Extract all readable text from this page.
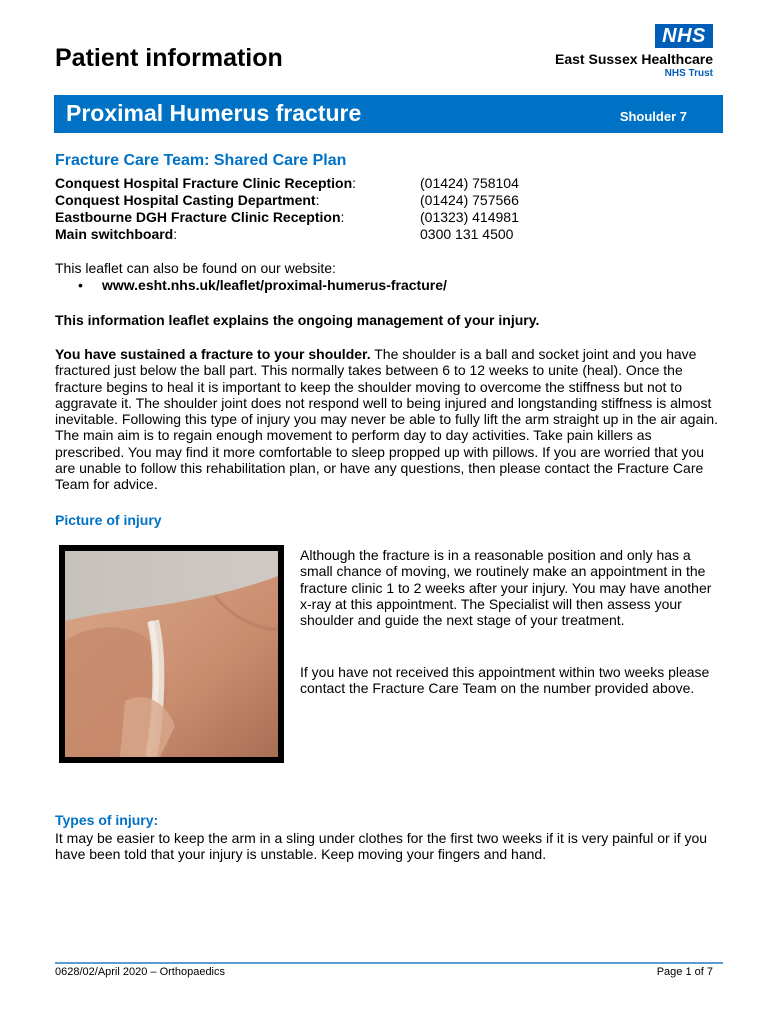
Patient information
NHS
East Sussex Healthcare
NHS Trust
Proximal Humerus fracture	Shoulder 7
Fracture Care Team: Shared Care Plan
Conquest Hospital Fracture Clinic Reception:	(01424) 758104
Conquest Hospital Casting Department:	(01424) 757566
Eastbourne DGH Fracture Clinic Reception:	(01323) 414981
Main switchboard:	0300 131 4500
This leaflet can also be found on our website:
• www.esht.nhs.uk/leaflet/proximal-humerus-fracture/
This information leaflet explains the ongoing management of your injury.
You have sustained a fracture to your shoulder. The shoulder is a ball and socket joint and you have fractured just below the ball part. This normally takes between 6 to 12 weeks to unite (heal). Once the fracture begins to heal it is important to keep the shoulder moving to overcome the stiffness but not to aggravate it. The shoulder joint does not respond well to being injured and longstanding stiffness is almost inevitable. Following this type of injury you may never be able to fully lift the arm straight up in the air again. The main aim is to regain enough movement to perform day to day activities. Take pain killers as prescribed. You may find it more comfortable to sleep propped up with pillows. If you are worried that you are unable to follow this rehabilitation plan, or have any questions, then please contact the Fracture Care Team for advice.
Picture of injury
Although the fracture is in a reasonable position and only has a small chance of moving, we routinely make an appointment in the fracture clinic 1 to 2 weeks after your injury. You may have another x-ray at this appointment. The Specialist will then assess your shoulder and guide the next stage of your treatment.
If you have not received this appointment within two weeks please contact the Fracture Care Team on the number provided above.
Types of injury:
It may be easier to keep the arm in a sling under clothes for the first two weeks if it is very painful or if you have been told that your injury is unstable. Keep moving your fingers and hand.
0628/02/April 2020 – Orthopaedics	Page 1 of 7
